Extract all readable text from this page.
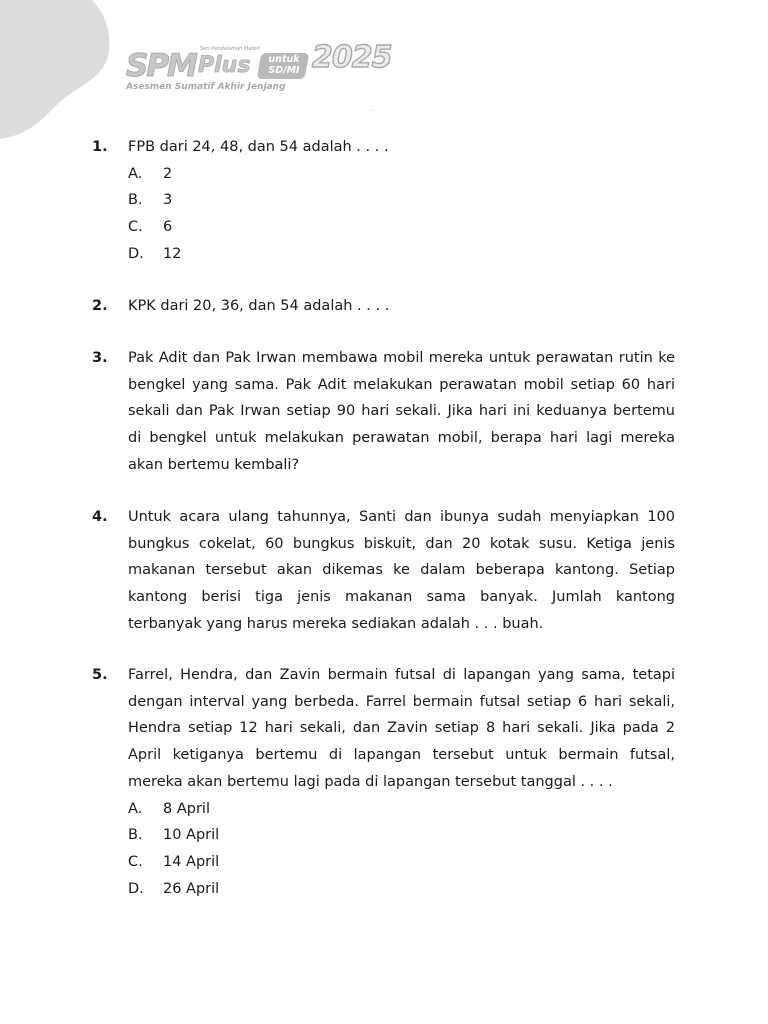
Seri Pendalaman Materi
SPM Plus	untuk
SD/MI 2025
Asesmen Sumatif Akhir Jenjang
·
1.	FPB dari 24, 48, dan 54 adalah . . . .
A.	2
B.	3
C.	6
D.	12
2.	KPK dari 20, 36, dan 54 adalah . . . .
3.	Pak Adit dan Pak Irwan membawa mobil mereka untuk perawatan rutin ke bengkel yang sama. Pak Adit melakukan perawatan mobil setiap 60 hari sekali dan Pak Irwan setiap 90 hari sekali. Jika hari ini keduanya bertemu di bengkel untuk melakukan perawatan mobil, berapa hari lagi mereka akan bertemu kembali?
4.	Untuk acara ulang tahunnya, Santi dan ibunya sudah menyiapkan 100 bungkus cokelat, 60 bungkus biskuit, dan 20 kotak susu. Ketiga jenis makanan tersebut akan dikemas ke dalam beberapa kantong. Setiap kantong berisi tiga jenis makanan sama banyak. Jumlah kantong terbanyak yang harus mereka sediakan adalah . . . buah.
5.	Farrel, Hendra, dan Zavin bermain futsal di lapangan yang sama, tetapi dengan interval yang berbeda. Farrel bermain futsal setiap 6 hari sekali, Hendra setiap 12 hari sekali, dan Zavin setiap 8 hari sekali. Jika pada 2 April ketiganya bertemu di lapangan tersebut untuk bermain futsal, mereka akan bertemu lagi pada di lapangan tersebut tanggal . . . .
A.	8 April
B.	10 April
C.	14 April
D.	26 April
